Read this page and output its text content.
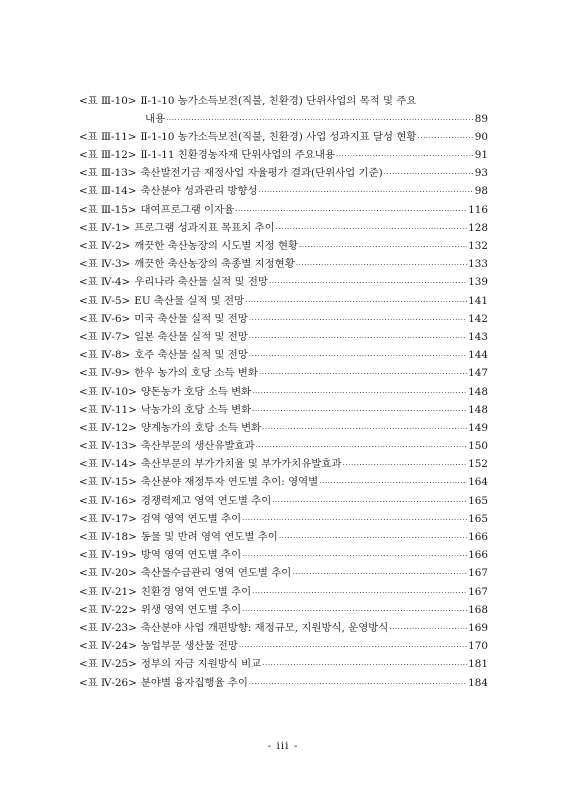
<표 Ⅲ-10> Ⅱ-1-10 농가소득보전(직불, 친환경) 단위사업의 목적 및 주요
내용 ·····	89
<표 Ⅲ-11> Ⅱ-1-10 농가소득보전(직불, 친환경) 사업 성과지표 달성 현황 ·····	90
<표 Ⅲ-12> Ⅱ-1-11 친환경농자재 단위사업의 주요내용 ·····	91
<표 Ⅲ-13> 축산발전기금 재정사업 자율평가 결과(단위사업 기준) ·····	93
<표 Ⅲ-14> 축산분야 성과관리 방향성 ·····	98
<표 Ⅲ-15> 대여프로그램 이자율 ·····	116
<표 Ⅳ-1> 프로그램 성과지표 목표치 추이 ·····	128
<표 Ⅳ-2> 깨끗한 축산농장의 시도별 지정 현황 ·····	132
<표 Ⅳ-3> 깨끗한 축산농장의 축종별 지정현황 ·····	133
<표 Ⅳ-4> 우리나라 축산물 실적 및 전망 ·····	139
<표 Ⅳ-5> EU 축산물 실적 및 전망 ·····	141
<표 Ⅳ-6> 미국 축산물 실적 및 전망 ·····	142
<표 Ⅳ-7> 일본 축산물 실적 및 전망 ·····	143
<표 Ⅳ-8> 호주 축산물 실적 및 전망 ·····	144
<표 Ⅳ-9> 한우 농가의 호당 소득 변화 ·····	147
<표 Ⅳ-10> 양돈농가 호당 소득 변화 ·····	148
<표 Ⅳ-11> 낙농가의 호당 소득 변화 ·····	148
<표 Ⅳ-12> 양계농가의 호당 소득 변화 ·····	149
<표 Ⅳ-13> 축산부문의 생산유발효과 ·····	150
<표 Ⅳ-14> 축산부문의 부가가치율 및 부가가치유발효과 ·····	152
<표 Ⅳ-15> 축산분야 재정투자 연도별 추이: 영역별 ·····	164
<표 Ⅳ-16> 경쟁력제고 영역 연도별 추이 ·····	165
<표 Ⅳ-17> 검역 영역 연도별 추이 ·····	165
<표 Ⅳ-18> 동물 및 반려 영역 연도별 추이 ·····	166
<표 Ⅳ-19> 방역 영역 연도별 추이 ·····	166
<표 Ⅳ-20> 축산물수급관리 영역 연도별 추이 ·····	167
<표 Ⅳ-21> 친환경 영역 연도별 추이 ·····	167
<표 Ⅳ-22> 위생 영역 연도별 추이 ·····	168
<표 Ⅳ-23> 축산분야 사업 개편방향: 재정규모, 지원방식, 운영방식 ·····	169
<표 Ⅳ-24> 농업부문 생산물 전망 ·····	170
<표 Ⅳ-25> 정부의 자금 지원방식 비교 ·····	181
<표 Ⅳ-26> 분야별 융자집행율 추이 ·····	184
- iii -
